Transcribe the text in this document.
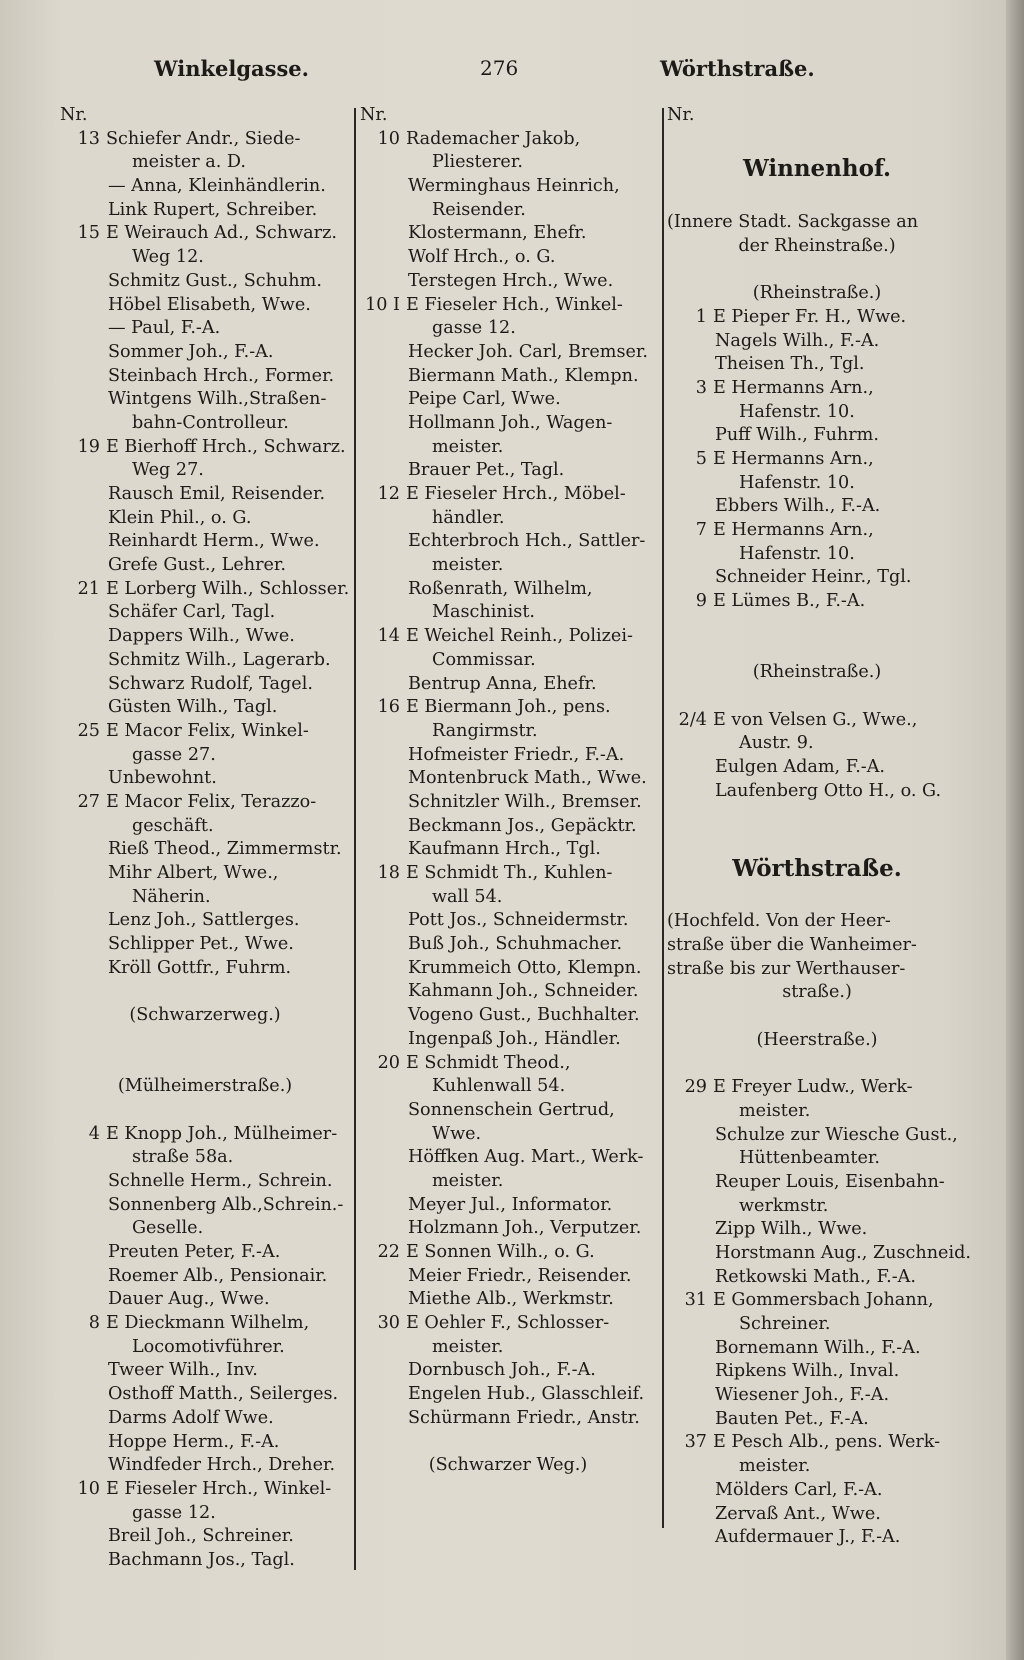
Winkelgasse.	276	Wörthstraße.
Nr.
13 Schiefer Andr., Siede-
meister a. D.
— Anna, Kleinhändlerin.
Link Rupert, Schreiber.
15 E Weirauch Ad., Schwarz.
Weg 12.
Schmitz Gust., Schuhm.
Höbel Elisabeth, Wwe.
— Paul, F.-A.
Sommer Joh., F.-A.
Steinbach Hrch., Former.
Wintgens Wilh.,Straßen-
bahn-Controlleur.
19 E Bierhoff Hrch., Schwarz.
Weg 27.
Rausch Emil, Reisender.
Klein Phil., o. G.
Reinhardt Herm., Wwe.
Grefe Gust., Lehrer.
21 E Lorberg Wilh., Schlosser.
Schäfer Carl, Tagl.
Dappers Wilh., Wwe.
Schmitz Wilh., Lagerarb.
Schwarz Rudolf, Tagel.
Güsten Wilh., Tagl.
25 E Macor Felix, Winkel-
gasse 27.
Unbewohnt.
27 E Macor Felix, Terazzo-
geschäft.
Rieß Theod., Zimmermstr.
Mihr Albert, Wwe.,
Näherin.
Lenz Joh., Sattlerges.
Schlipper Pet., Wwe.
Kröll Gottfr., Fuhrm.
(Schwarzerweg.)
(Mülheimerstraße.)
4 E Knopp Joh., Mülheimer-
straße 58a.
Schnelle Herm., Schrein.
Sonnenberg Alb.,Schrein.-
Geselle.
Preuten Peter, F.-A.
Roemer Alb., Pensionair.
Dauer Aug., Wwe.
8 E Dieckmann Wilhelm,
Locomotivführer.
Tweer Wilh., Inv.
Osthoff Matth., Seilerges.
Darms Adolf Wwe.
Hoppe Herm., F.-A.
Windfeder Hrch., Dreher.
10 E Fieseler Hrch., Winkel-
gasse 12.
Breil Joh., Schreiner.
Bachmann Jos., Tagl.
Nr.
10 Rademacher Jakob,
Pliesterer.
Werminghaus Heinrich,
Reisender.
Klostermann, Ehefr.
Wolf Hrch., o. G.
Terstegen Hrch., Wwe.
10 I E Fieseler Hch., Winkel-
gasse 12.
Hecker Joh. Carl, Bremser.
Biermann Math., Klempn.
Peipe Carl, Wwe.
Hollmann Joh., Wagen-
meister.
Brauer Pet., Tagl.
12 E Fieseler Hrch., Möbel-
händler.
Echterbroch Hch., Sattler-
meister.
Roßenrath, Wilhelm,
Maschinist.
14 E Weichel Reinh., Polizei-
Commissar.
Bentrup Anna, Ehefr.
16 E Biermann Joh., pens.
Rangirmstr.
Hofmeister Friedr., F.-A.
Montenbruck Math., Wwe.
Schnitzler Wilh., Bremser.
Beckmann Jos., Gepäcktr.
Kaufmann Hrch., Tgl.
18 E Schmidt Th., Kuhlen-
wall 54.
Pott Jos., Schneidermstr.
Buß Joh., Schuhmacher.
Krummeich Otto, Klempn.
Kahmann Joh., Schneider.
Vogeno Gust., Buchhalter.
Ingenpaß Joh., Händler.
20 E Schmidt Theod.,
Kuhlenwall 54.
Sonnenschein Gertrud,
Wwe.
Höffken Aug. Mart., Werk-
meister.
Meyer Jul., Informator.
Holzmann Joh., Verputzer.
22 E Sonnen Wilh., o. G.
Meier Friedr., Reisender.
Miethe Alb., Werkmstr.
30 E Oehler F., Schlosser-
meister.
Dornbusch Joh., F.-A.
Engelen Hub., Glasschleif.
Schürmann Friedr., Anstr.
(Schwarzer Weg.)
Nr.
Winnenhof.
(Innere Stadt. Sackgasse an
der Rheinstraße.)
(Rheinstraße.)
1 E Pieper Fr. H., Wwe.
Nagels Wilh., F.-A.
Theisen Th., Tgl.
3 E Hermanns Arn.,
Hafenstr. 10.
Puff Wilh., Fuhrm.
5 E Hermanns Arn.,
Hafenstr. 10.
Ebbers Wilh., F.-A.
7 E Hermanns Arn.,
Hafenstr. 10.
Schneider Heinr., Tgl.
9 E Lümes B., F.-A.
(Rheinstraße.)
2/4 E von Velsen G., Wwe.,
Austr. 9.
Eulgen Adam, F.-A.
Laufenberg Otto H., o. G.
Wörthstraße.
(Hochfeld. Von der Heer-
straße über die Wanheimer-
straße bis zur Werthauser-
straße.)
(Heerstraße.)
29 E Freyer Ludw., Werk-
meister.
Schulze zur Wiesche Gust.,
Hüttenbeamter.
Reuper Louis, Eisenbahn-
werkmstr.
Zipp Wilh., Wwe.
Horstmann Aug., Zuschneid.
Retkowski Math., F.-A.
31 E Gommersbach Johann,
Schreiner.
Bornemann Wilh., F.-A.
Ripkens Wilh., Inval.
Wiesener Joh., F.-A.
Bauten Pet., F.-A.
37 E Pesch Alb., pens. Werk-
meister.
Mölders Carl, F.-A.
Zervaß Ant., Wwe.
Aufdermauer J., F.-A.
